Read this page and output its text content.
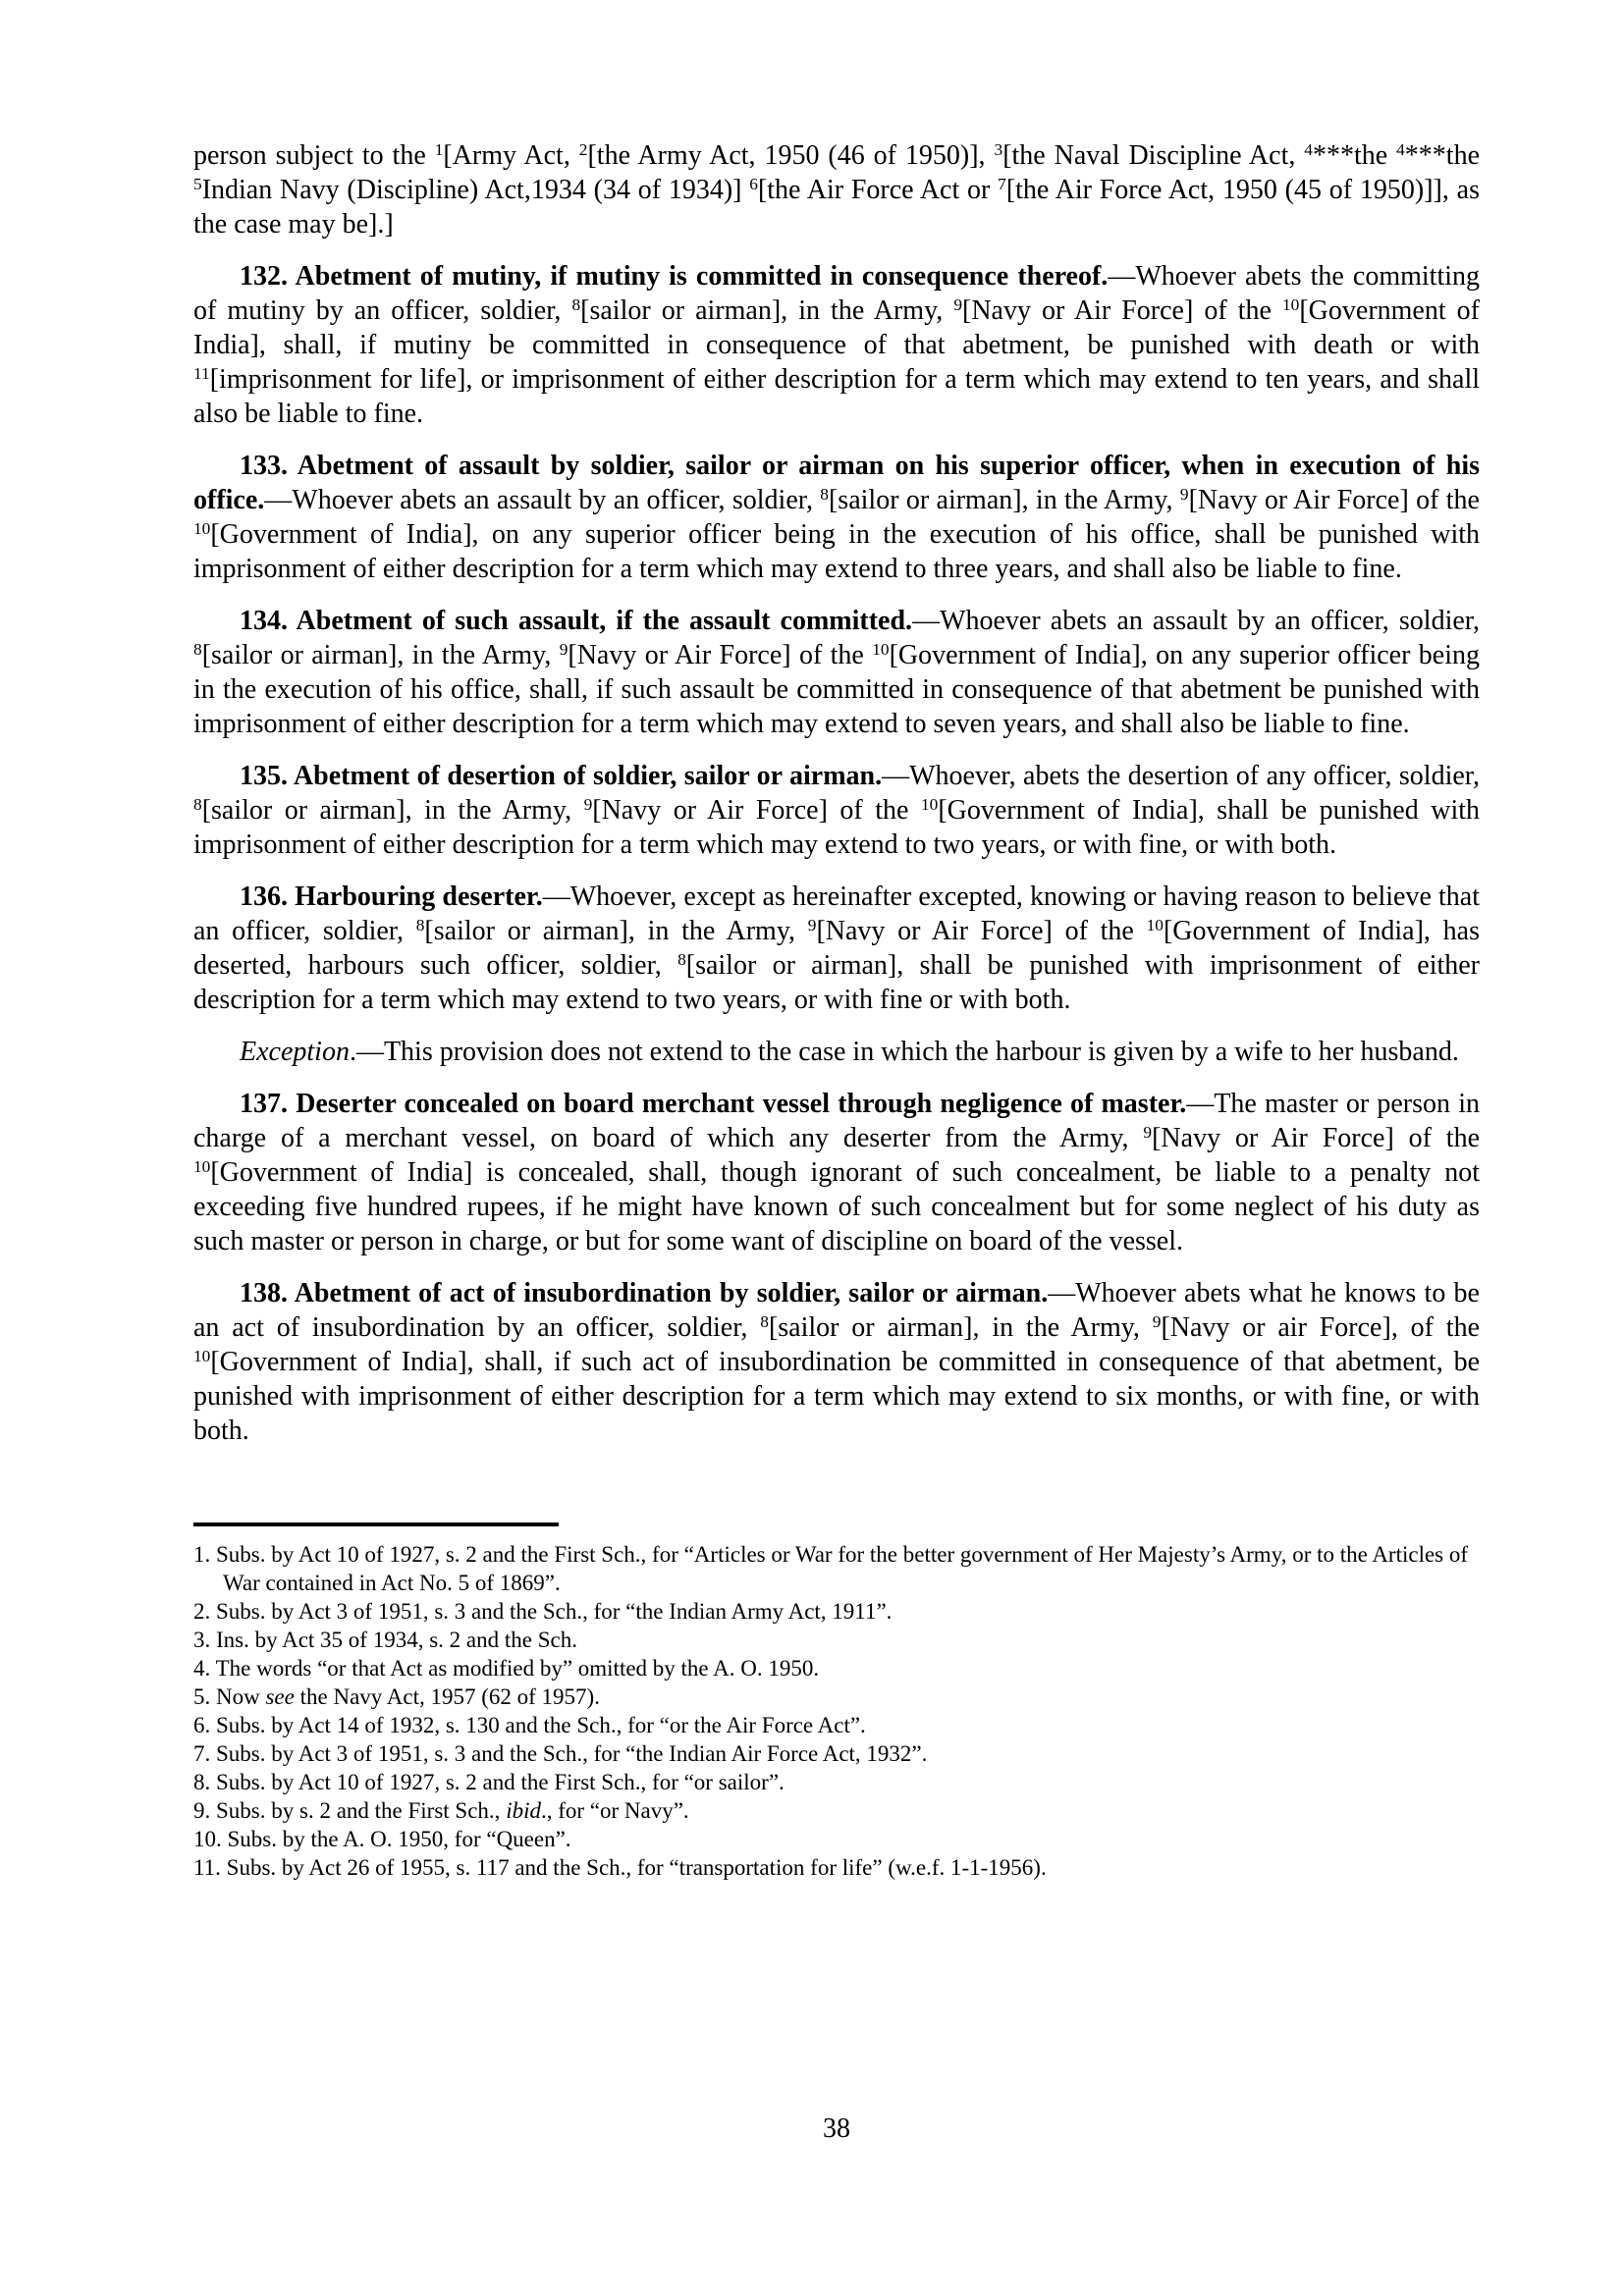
person subject to the $^1$[Army Act, $^2$[the Army Act, 1950 (46 of 1950)], $^3$[the Naval Discipline Act, $^4$***the $^4$***the $^5$Indian Navy (Discipline) Act,1934 (34 of 1934)] $^6$[the Air Force Act or $^7$[the Air Force Act, 1950 (45 of 1950)]], as the case may be].]

132. Abetment of mutiny, if mutiny is committed in consequence thereof.—Whoever abets the committing of mutiny by an officer, soldier, $^8$[sailor or airman], in the Army, $^9$[Navy or Air Force] of the $^{10}$[Government of India], shall, if mutiny be committed in consequence of that abetment, be punished with death or with $^{11}$[imprisonment for life], or imprisonment of either description for a term which may extend to ten years, and shall also be liable to fine.

133. Abetment of assault by soldier, sailor or airman on his superior officer, when in execution of his office.—Whoever abets an assault by an officer, soldier, $^8$[sailor or airman], in the Army, $^9$[Navy or Air Force] of the $^{10}$[Government of India], on any superior officer being in the execution of his office, shall be punished with imprisonment of either description for a term which may extend to three years, and shall also be liable to fine.

134. Abetment of such assault, if the assault committed.—Whoever abets an assault by an officer, soldier, $^8$[sailor or airman], in the Army, $^9$[Navy or Air Force] of the $^{10}$[Government of India], on any superior officer being in the execution of his office, shall, if such assault be committed in consequence of that abetment be punished with imprisonment of either description for a term which may extend to seven years, and shall also be liable to fine.

135. Abetment of desertion of soldier, sailor or airman.—Whoever, abets the desertion of any officer, soldier, $^8$[sailor or airman], in the Army, $^9$[Navy or Air Force] of the $^{10}$[Government of India], shall be punished with imprisonment of either description for a term which may extend to two years, or with fine, or with both.

136. Harbouring deserter.—Whoever, except as hereinafter excepted, knowing or having reason to believe that an officer, soldier, $^8$[sailor or airman], in the Army, $^9$[Navy or Air Force] of the $^{10}$[Government of India], has deserted, harbours such officer, soldier, $^8$[sailor or airman], shall be punished with imprisonment of either description for a term which may extend to two years, or with fine or with both.

Exception.—This provision does not extend to the case in which the harbour is given by a wife to her husband.

137. Deserter concealed on board merchant vessel through negligence of master.—The master or person in charge of a merchant vessel, on board of which any deserter from the Army, $^9$[Navy or Air Force] of the $^{10}$[Government of India] is concealed, shall, though ignorant of such concealment, be liable to a penalty not exceeding five hundred rupees, if he might have known of such concealment but for some neglect of his duty as such master or person in charge, or but for some want of discipline on board of the vessel.

138. Abetment of act of insubordination by soldier, sailor or airman.—Whoever abets what he knows to be an act of insubordination by an officer, soldier, $^8$[sailor or airman], in the Army, $^9$[Navy or air Force], of the $^{10}$[Government of India], shall, if such act of insubordination be committed in consequence of that abetment, be punished with imprisonment of either description for a term which may extend to six months, or with fine, or with both.

1. Subs. by Act 10 of 1927, s. 2 and the First Sch., for “Articles or War for the better government of Her Majesty’s Army, or to the Articles of War contained in Act No. 5 of 1869”.
2. Subs. by Act 3 of 1951, s. 3 and the Sch., for “the Indian Army Act, 1911”.
3. Ins. by Act 35 of 1934, s. 2 and the Sch.
4. The words “or that Act as modified by” omitted by the A. O. 1950.
5. Now see the Navy Act, 1957 (62 of 1957).
6. Subs. by Act 14 of 1932, s. 130 and the Sch., for “or the Air Force Act”.
7. Subs. by Act 3 of 1951, s. 3 and the Sch., for “the Indian Air Force Act, 1932”.
8. Subs. by Act 10 of 1927, s. 2 and the First Sch., for “or sailor”.
9. Subs. by s. 2 and the First Sch., ibid., for “or Navy”.
10. Subs. by the A. O. 1950, for “Queen”.
11. Subs. by Act 26 of 1955, s. 117 and the Sch., for “transportation for life” (w.e.f. 1-1-1956).
38
